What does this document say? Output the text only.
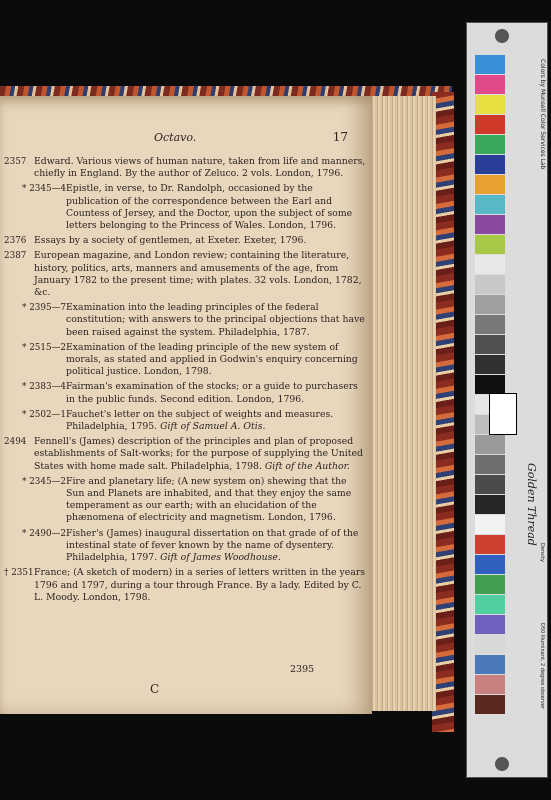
Octavo.	17
2357 Edward. Various views of human nature, taken from life and manners, chiefly in England. By the author of Zeluco. 2 vols. London, 1796.
* 2345—4 Epistle, in verse, to Dr. Randolph, occasioned by the publication of the correspondence between the Earl and Countess of Jersey, and the Doctor, upon the subject of some letters belonging to the Princess of Wales. London, 1796.
2376 Essays by a society of gentlemen, at Exeter. Exeter, 1796.
2387 European magazine, and London review; containing the literature, history, politics, arts, manners and amusements of the age, from January 1782 to the present time; with plates. 32 vols. London, 1782, &c.
* 2395—7 Examination into the leading principles of the federal constitution; with answers to the principal objections that have been raised against the system. Philadelphia, 1787.
* 2515—2 Examination of the leading principle of the new system of morals, as stated and applied in Godwin's enquiry concerning political justice. London, 1798.
* 2383—4 Fairman's examination of the stocks; or a guide to purchasers in the public funds. Second edition. London, 1796.
* 2502—1 Fauchet's letter on the subject of weights and measures. Philadelphia, 1795. Gift of Samuel A. Otis.
2494 Fennell's (James) description of the principles and plan of proposed establishments of Salt-works; for the purpose of supplying the United States with home made salt. Philadelphia, 1798. Gift of the Author.
* 2345—2 Fire and planetary life; (A new system on) shewing that the Sun and Planets are inhabited, and that they enjoy the same temperament as our earth; with an elucidation of the phænomena of electricity and magnetism. London, 1796.
* 2490—2 Fisher's (James) inaugural dissertation on that grade of of the intestinal state of fever known by the name of dysentery. Philadelphia, 1797. Gift of James Woodhouse.
† 2351 France; (A sketch of modern) in a series of letters written in the years 1796 and 1797, during a tour through France. By a lady. Edited by C. L. Moody. London, 1798.
2395
C
Colors by Munsell Color Services Lab
Golden Thread
Density
D50 Illuminant, 2 degree observer
